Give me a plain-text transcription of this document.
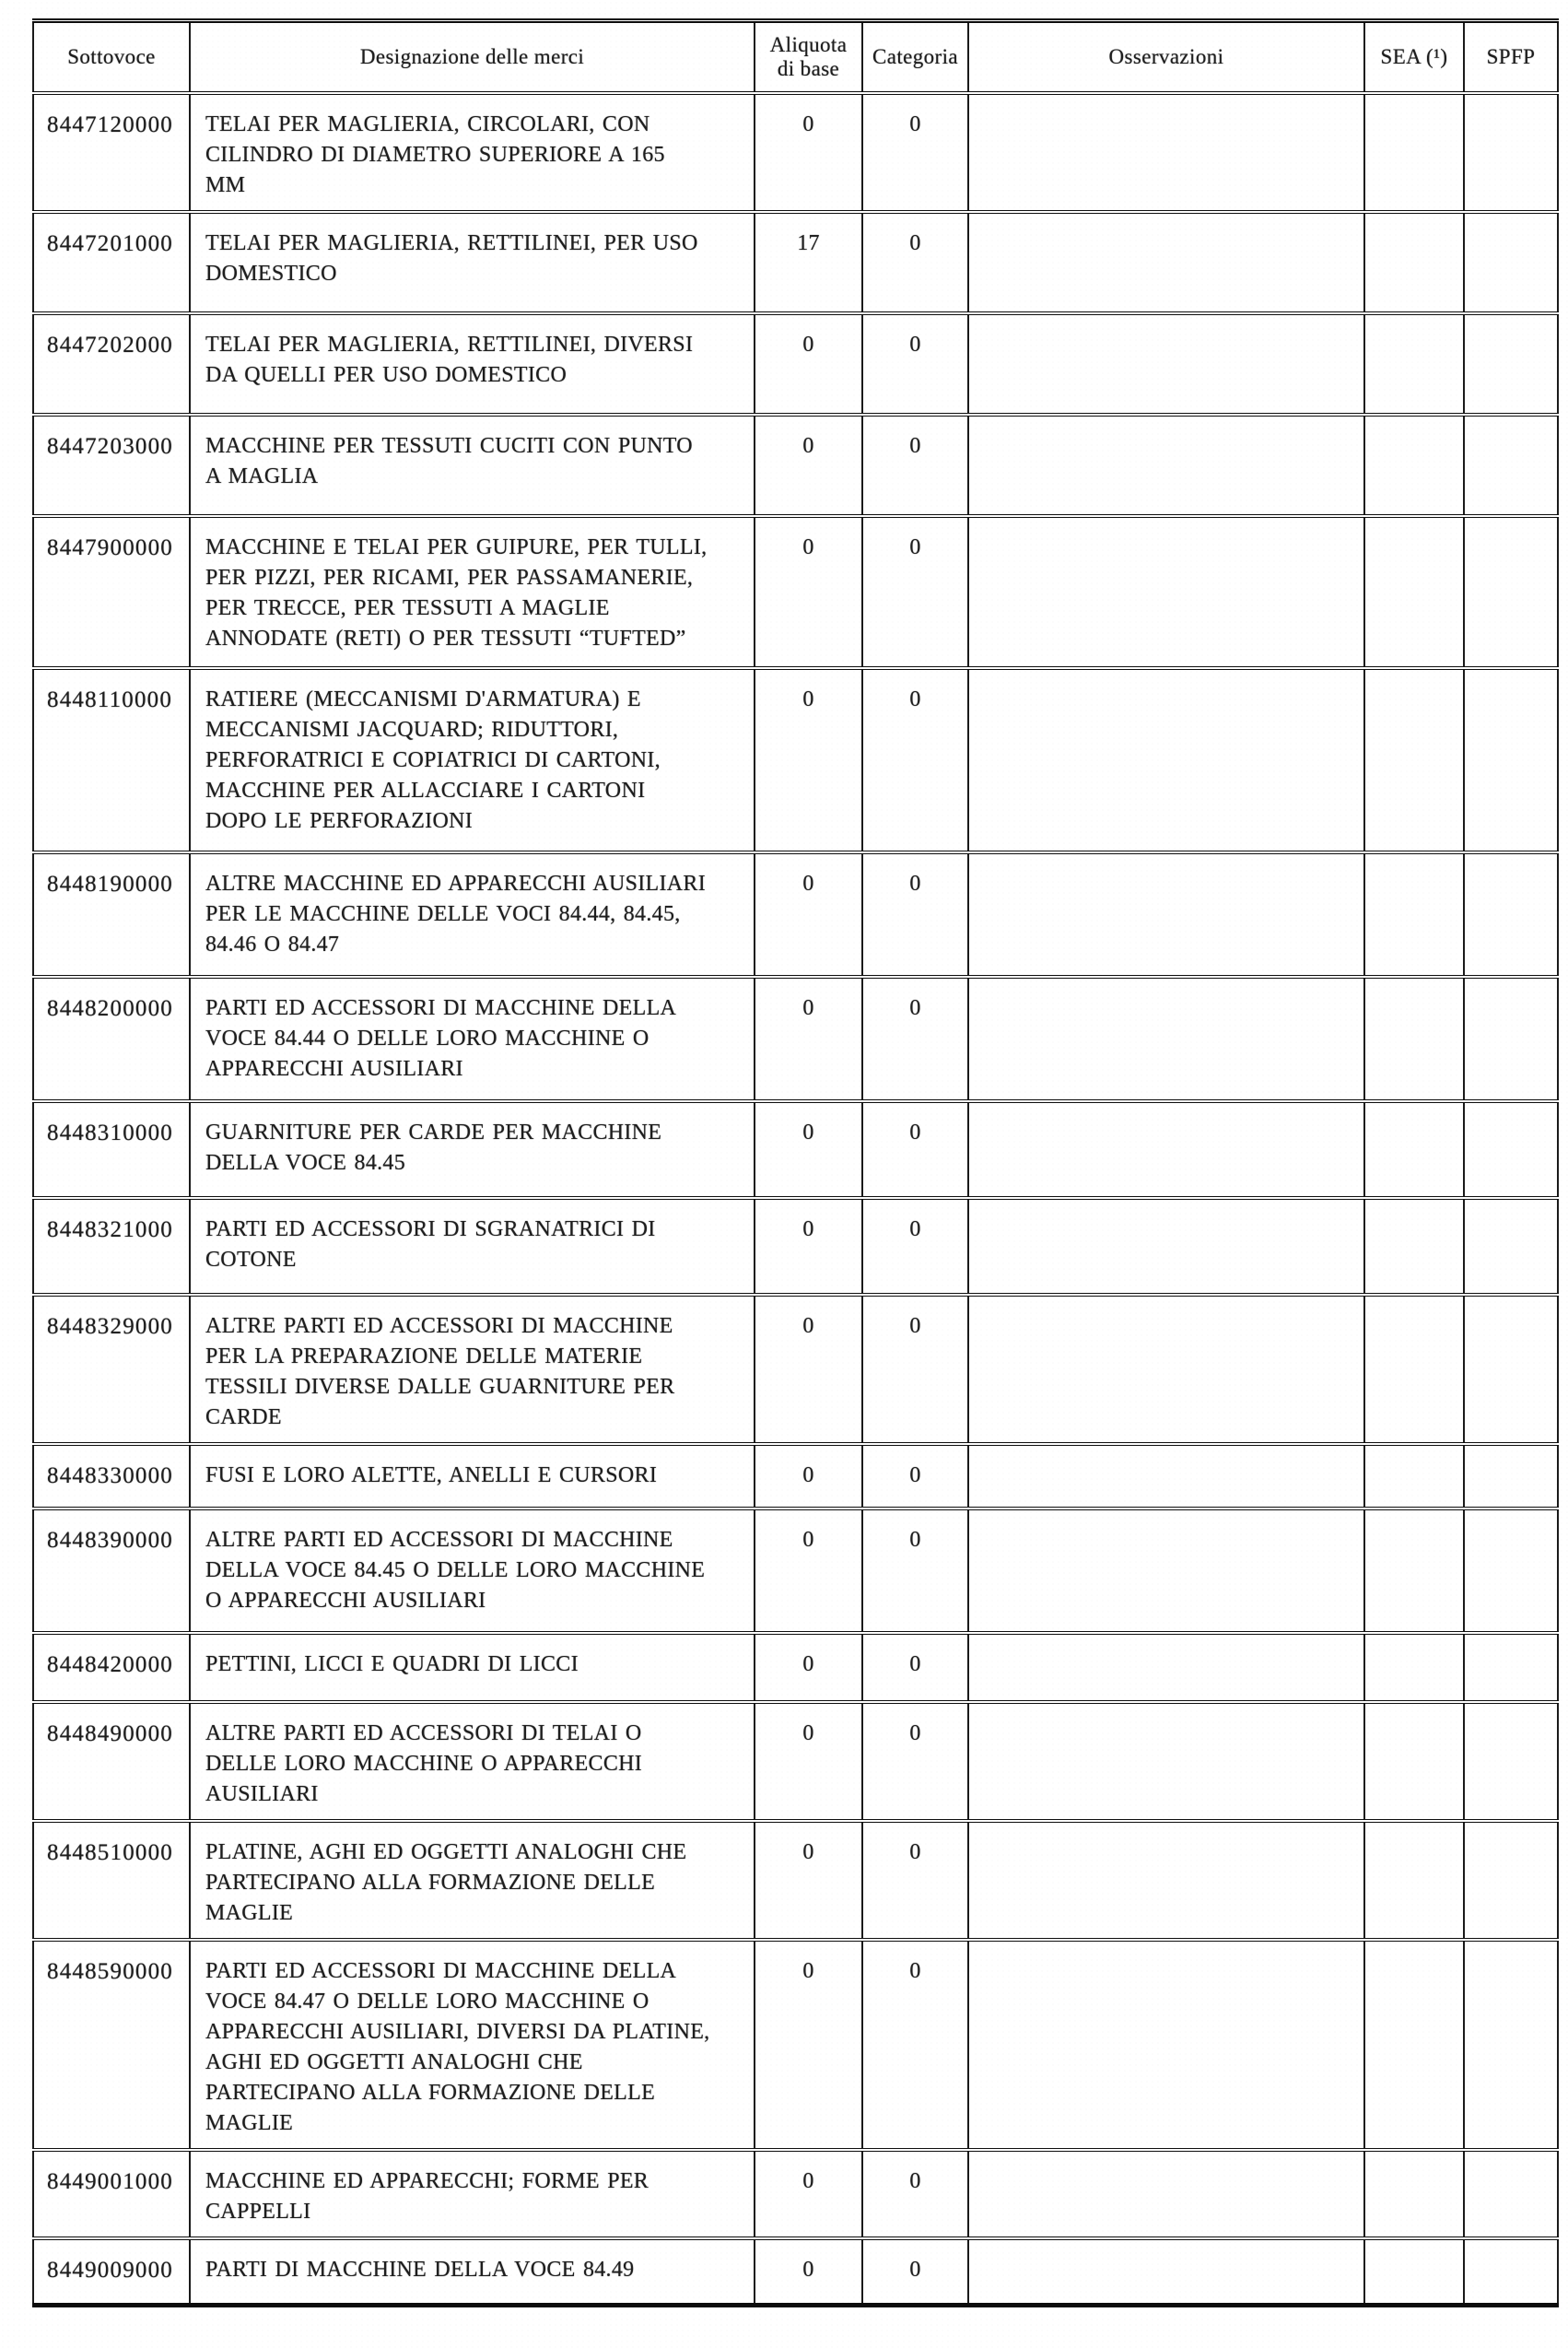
Sottovoce	Designazione delle merci	Aliquota di base	Categoria	Osservazioni	SEA (¹)	SPFP
8447120000	TELAI PER MAGLIERIA, CIRCOLARI, CON CILINDRO DI DIAMETRO SUPERIORE A 165 MM	0	0			
8447201000	TELAI PER MAGLIERIA, RETTILINEI, PER USO DOMESTICO	17	0			
8447202000	TELAI PER MAGLIERIA, RETTILINEI, DIVERSI DA QUELLI PER USO DOMESTICO	0	0			
8447203000	MACCHINE PER TESSUTI CUCITI CON PUNTO A MAGLIA	0	0			
8447900000	MACCHINE E TELAI PER GUIPURE, PER TULLI, PER PIZZI, PER RICAMI, PER PASSAMANERIE, PER TRECCE, PER TESSUTI A MAGLIE ANNODATE (RETI) O PER TESSUTI “TUFTED”	0	0			
8448110000	RATIERE (MECCANISMI D'ARMATURA) E MECCANISMI JACQUARD; RIDUTTORI, PERFORATRICI E COPIATRICI DI CARTONI, MACCHINE PER ALLACCIARE I CARTONI DOPO LE PERFORAZIONI	0	0			
8448190000	ALTRE MACCHINE ED APPARECCHI AUSILIARI PER LE MACCHINE DELLE VOCI 84.44, 84.45, 84.46 O 84.47	0	0			
8448200000	PARTI ED ACCESSORI DI MACCHINE DELLA VOCE 84.44 O DELLE LORO MACCHINE O APPARECCHI AUSILIARI	0	0			
8448310000	GUARNITURE PER CARDE PER MACCHINE DELLA VOCE 84.45	0	0			
8448321000	PARTI ED ACCESSORI DI SGRANATRICI DI COTONE	0	0			
8448329000	ALTRE PARTI ED ACCESSORI DI MACCHINE PER LA PREPARAZIONE DELLE MATERIE TESSILI DIVERSE DALLE GUARNITURE PER CARDE	0	0			
8448330000	FUSI E LORO ALETTE, ANELLI E CURSORI	0	0			
8448390000	ALTRE PARTI ED ACCESSORI DI MACCHINE DELLA VOCE 84.45 O DELLE LORO MACCHINE O APPARECCHI AUSILIARI	0	0			
8448420000	PETTINI, LICCI E QUADRI DI LICCI	0	0			
8448490000	ALTRE PARTI ED ACCESSORI DI TELAI O DELLE LORO MACCHINE O APPARECCHI AUSILIARI	0	0			
8448510000	PLATINE, AGHI ED OGGETTI ANALOGHI CHE PARTECIPANO ALLA FORMAZIONE DELLE MAGLIE	0	0			
8448590000	PARTI ED ACCESSORI DI MACCHINE DELLA VOCE 84.47 O DELLE LORO MACCHINE O APPARECCHI AUSILIARI, DIVERSI DA PLATINE, AGHI ED OGGETTI ANALOGHI CHE PARTECIPANO ALLA FORMAZIONE DELLE MAGLIE	0	0			
8449001000	MACCHINE ED APPARECCHI; FORME PER CAPPELLI	0	0			
8449009000	PARTI DI MACCHINE DELLA VOCE 84.49	0	0			
